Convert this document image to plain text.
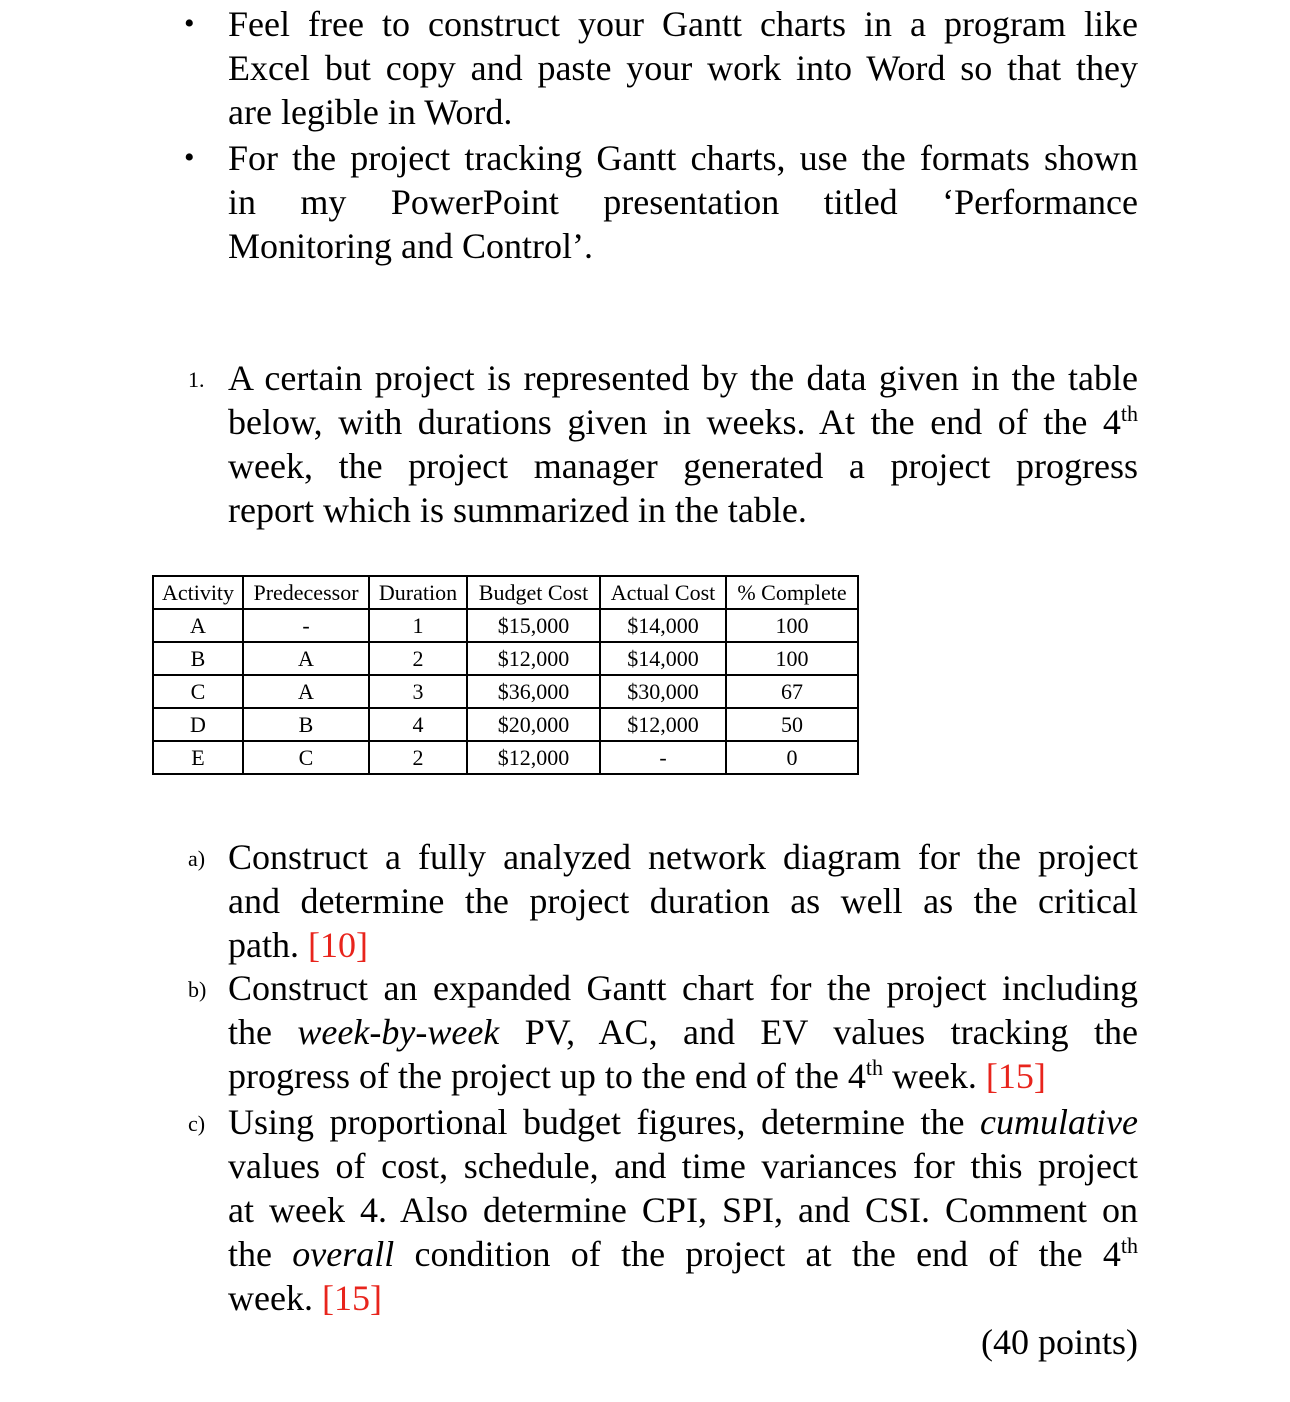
• Feel free to construct your Gantt charts in a program like
Excel but copy and paste your work into Word so that they
are legible in Word.
• For the project tracking Gantt charts, use the formats shown
in my PowerPoint presentation titled ‘Performance
Monitoring and Control’.
1. A certain project is represented by the data given in the table
below, with durations given in weeks. At the end of the 4th
week, the project manager generated a project progress
report which is summarized in the table.
Activity	Predecessor	Duration	Budget Cost	Actual Cost	% Complete
A	-	1	$15,000	$14,000	100
B	A	2	$12,000	$14,000	100
C	A	3	$36,000	$30,000	67
D	B	4	$20,000	$12,000	50
E	C	2	$12,000	-	0
a) Construct a fully analyzed network diagram for the project
and determine the project duration as well as the critical
path. [10]
b) Construct an expanded Gantt chart for the project including
the week-by-week PV, AC, and EV values tracking the
progress of the project up to the end of the 4th week. [15]
c) Using proportional budget figures, determine the cumulative
values of cost, schedule, and time variances for this project
at week 4. Also determine CPI, SPI, and CSI. Comment on
the overall condition of the project at the end of the 4th
week. [15]
(40 points)
